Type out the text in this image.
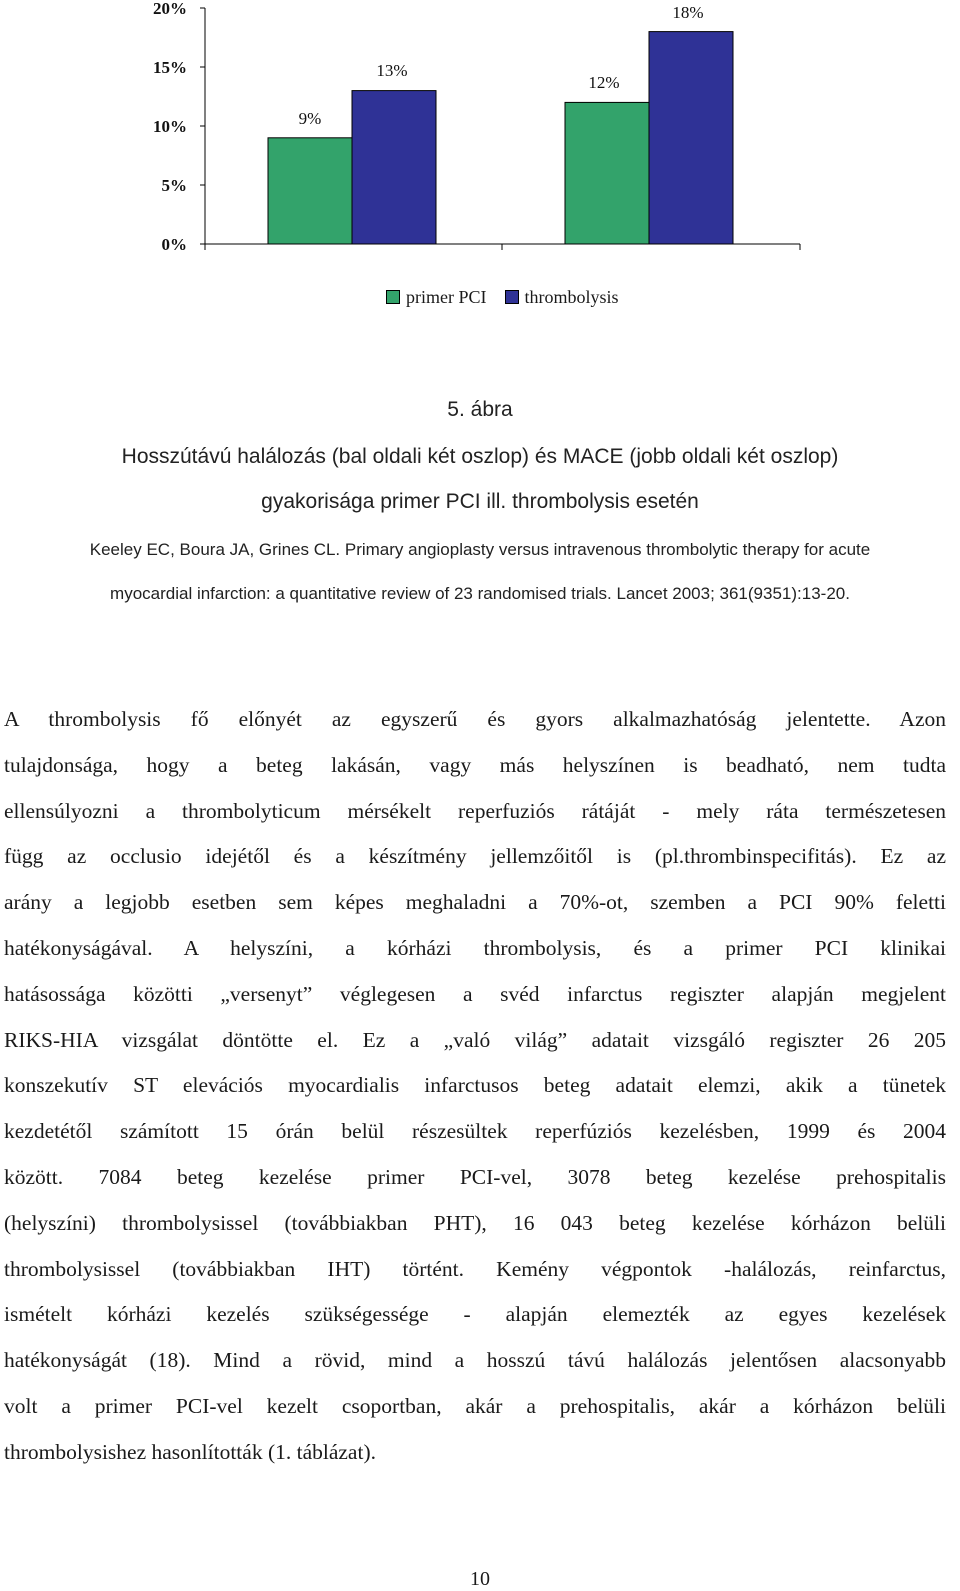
0%
5%
10%
15%
20%
9%
13%
12%
18%
primer PCI thrombolysis
5. ábra
Hosszútávú halálozás (bal oldali két oszlop) és MACE (jobb oldali két oszlop)
gyakorisága primer PCI ill. thrombolysis esetén
Keeley EC, Boura JA, Grines CL. Primary angioplasty versus intravenous thrombolytic therapy for acute
myocardial infarction: a quantitative review of 23 randomised trials. Lancet 2003; 361(9351):13-20.
A thrombolysis fő előnyét az egyszerű és gyors alkalmazhatóság jelentette. Azon
tulajdonsága, hogy a beteg lakásán, vagy más helyszínen is beadható, nem tudta
ellensúlyozni a thrombolyticum mérsékelt reperfuziós rátáját - mely ráta természetesen
függ az occlusio idejétől és a készítmény jellemzőitől is (pl.thrombinspecifitás). Ez az
arány a legjobb esetben sem képes meghaladni a 70%-ot, szemben a PCI 90% feletti
hatékonyságával. A helyszíni, a kórházi thrombolysis, és a primer PCI klinikai
hatásossága közötti „versenyt” véglegesen a svéd infarctus regiszter alapján megjelent
RIKS-HIA vizsgálat döntötte el. Ez a „való világ” adatait vizsgáló regiszter 26 205
konszekutív ST elevációs myocardialis infarctusos beteg adatait elemzi, akik a tünetek
kezdetétől számított 15 órán belül részesültek reperfúziós kezelésben, 1999 és 2004
között. 7084 beteg kezelése primer PCI-vel, 3078 beteg kezelése prehospitalis
(helyszíni) thrombolysissel (továbbiakban PHT), 16 043 beteg kezelése kórházon belüli
thrombolysissel (továbbiakban IHT) történt. Kemény végpontok -halálozás, reinfarctus,
ismételt kórházi kezelés szükségessége - alapján elemezték az egyes kezelések
hatékonyságát (18). Mind a rövid, mind a hosszú távú halálozás jelentősen alacsonyabb
volt a primer PCI-vel kezelt csoportban, akár a prehospitalis, akár a kórházon belüli
thrombolysishez hasonlították (1. táblázat).
10
